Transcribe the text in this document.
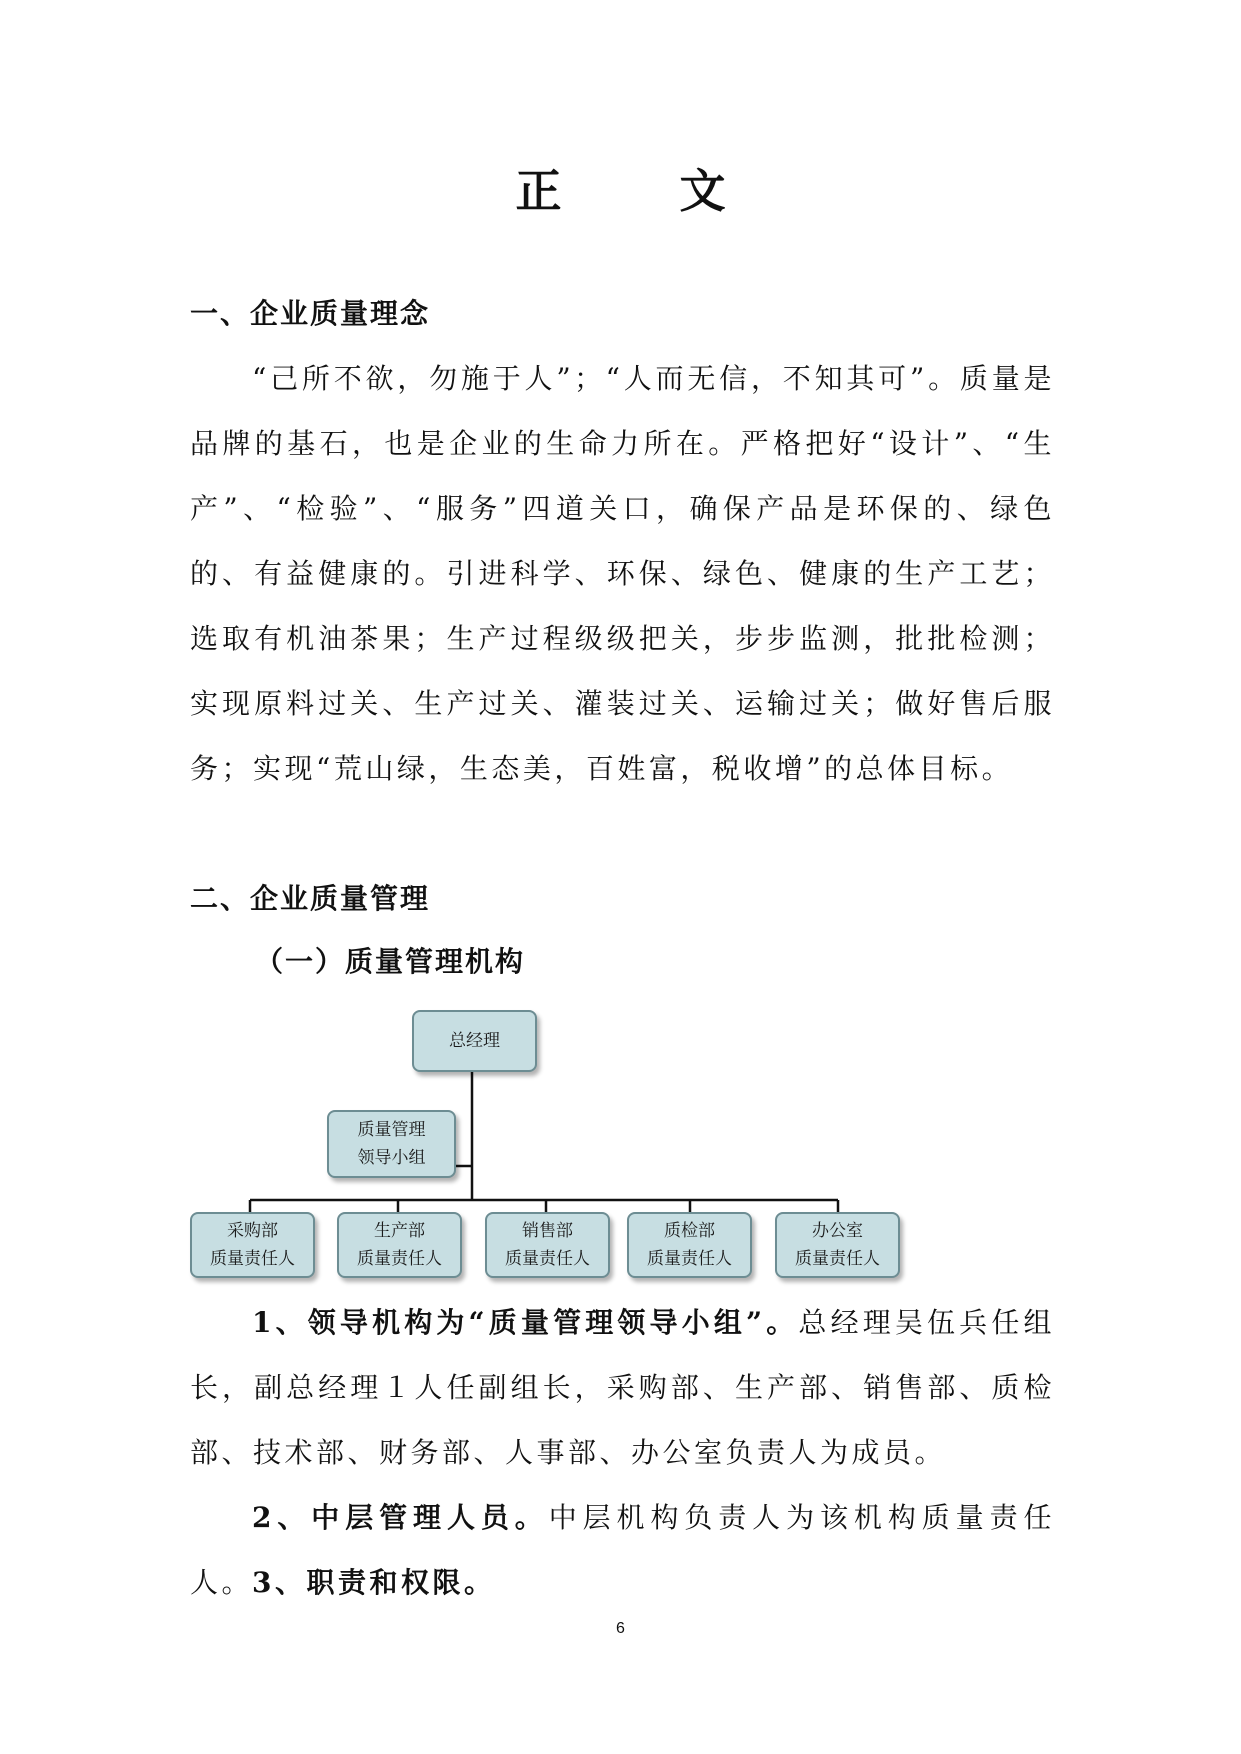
正　文
一、企业质量理念

“己所不欲，勿施于人”；“人而无信，不知其可”。质量是品牌的基石，也是企业的生命力所在。严格把好“设计”、“生产”、“检验”、“服务”四道关口，确保产品是环保的、绿色的、有益健康的。引进科学、环保、绿色、健康的生产工艺；选取有机油茶果；生产过程级级把关，步步监测，批批检测；实现原料过关、生产过关、灌装过关、运输过关；做好售后服务；实现“荒山绿，生态美，百姓富，税收增”的总体目标。

二、企业质量管理
（一）质量管理机构
总经理
质量管理
领导小组
采购部
质量责任人
生产部
质量责任人
销售部
质量责任人
质检部
质量责任人
办公室
质量责任人

1、领导机构为“质量管理领导小组”。总经理吴伍兵任组长，副总经理１人任副组长，采购部、生产部、销售部、质检部、技术部、财务部、人事部、办公室负责人为成员。

2、中层管理人员。中层机构负责人为该机构质量责任人。

3、职责和权限。

6
